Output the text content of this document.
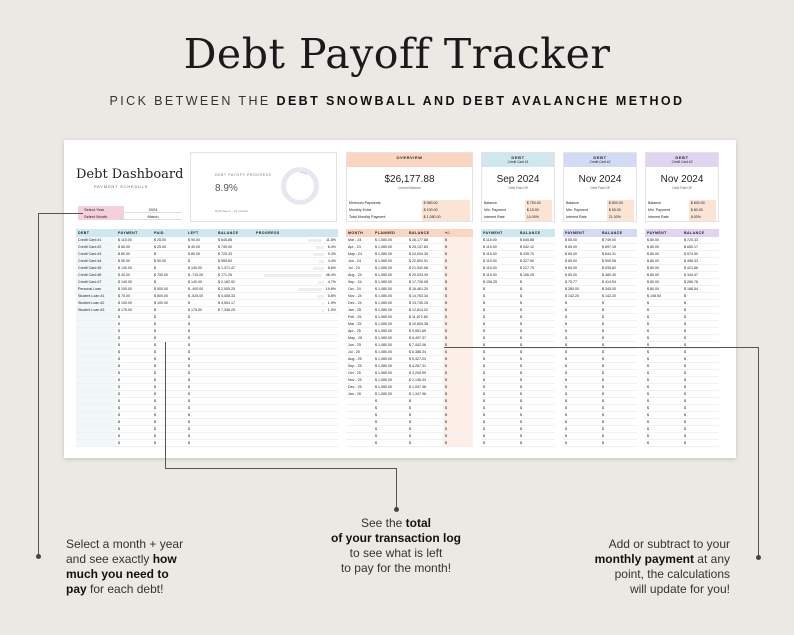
Debt Payoff Tracker
PICK BETWEEN THE DEBT SNOWBALL AND DEBT AVALANCHE METHOD
Debt Dashboard
PAYMENT SCHEDULE
Select Year	2024
Select Month	March
DEBT PAYOFF PROGRESS
8.9%
Debt free in ~ 22 months
OVERVIEW
$26,177.88
Current Balance
Minimum Payments	$ 980.00
Monthly Extra	$ 100.00
Total Monthly Payment	$ 1,080.00
DEBT
Credit Card #1
Sep 2024
Debt Paid Off
Balance	$ 750.00
Min. Payment	$ 15.00
Interest Rate	14.00%
DEBT
Credit Card #2
Nov 2024
Debt Paid Off
Balance	$ 800.00
Min. Payment	$ 65.00
Interest Rate	21.00%
DEBT
Credit Card #3
Nov 2024
Debt Paid Off
Balance	$ 800.00
Min. Payment	$ 80.00
Interest Rate	8.00%
DEBT	PAYMENT	PAID	LEFT	BALANCE	PROGRESS
Credit Card #1	$ 115.00	$ 25.00	$ 90.00	$ 645.88	11.8%
Credit Card #2	$ 65.00	$ 25.00	$ 40.00	$ 749.00	6.4%
Credit Card #3	$ 80.00	$	$ 80.00	$ 725.33	9.3%
Credit Card #4	$ 50.00	$ 50.00	$	$ 955.83	4.4%
Credit Card #5	$ 140.00	$	$ 140.00	$ 1,371.47	8.6%
Credit Card #6	$ 40.00	$ 750.00	$ -710.00	$ 771.25	48.4%
Credit Card #7	$ 140.00	$	$ 140.00	$ 2,182.92	4.7%
Personal Loan	$ 100.00	$ 500.00	$ -400.00	$ 2,005.25	19.8%
Student Loan #1	$ 75.00	$ 600.00	$ -525.00	$ 4,408.33	5.8%
Student Loan #2	$ 100.00	$ 100.00	$	$ 4,504.17	1.9%
Student Loan #3	$ 175.00	$	$ 175.00	$ 7,336.25	1.9%
	$	$	$		
	$	$	$		
	$	$	$		
	$	$	$		
	$	$	$		
	$	$	$		
	$	$	$		
	$	$	$		
	$	$	$		
	$	$	$		
	$	$	$		
	$	$	$		
	$	$	$		
	$	$	$		
	$	$	$		
	$	$	$		
	$	$	$		
	$	$	$		
	$	$	$		
MONTH	PLANNED	BALANCE	+/-
Mar - 24	$ 1,080.00	$ 26,177.88	$
Apr - 24	$ 1,080.00	$ 25,137.83	$
May - 24	$ 1,080.00	$ 24,004.35	$
Jun - 24	$ 1,080.00	$ 22,802.51	$
Jul - 24	$ 1,080.00	$ 21,542.66	$
Aug - 24	$ 1,080.00	$ 20,033.39	$
Sep - 24	$ 1,080.00	$ 17,726.08	$
Oct - 24	$ 1,080.00	$ 16,461.20	$
Nov - 24	$ 1,080.00	$ 14,763.34	$
Dec - 24	$ 1,080.00	$ 13,730.25	$
Jan - 25	$ 1,080.00	$ 12,814.02	$
Feb - 25	$ 1,080.00	$ 11,872.80	$
Mar - 25	$ 1,080.00	$ 10,603.38	$
Apr - 25	$ 1,080.00	$ 9,551.69	$
May - 25	$ 1,080.00	$ 8,497.37	$
Jun - 25	$ 1,080.00	$ 7,442.06	$
Jul - 25	$ 1,080.00	$ 6,386.34	$
Aug - 25	$ 1,080.00	$ 5,327.23	$
Sep - 25	$ 1,080.00	$ 4,267.31	$
Oct - 25	$ 1,080.00	$ 3,205.99	$
Nov - 25	$ 1,080.00	$ 2,136.43	$
Dec - 25	$ 1,080.00	$ 1,057.36	$
Jan - 26	$ 1,080.00	$ 1,347.96	$
	$	$	$
	$	$	$
	$	$	$
	$	$	$
	$	$	$
	$	$	$
	$	$	$
PAYMENT	BALANCE
$ 115.00	$ 645.88
$ 115.00	$ 542.12
$ 115.00	$ 435.70
$ 115.00	$ 327.60
$ 115.00	$ 217.79
$ 115.00	$ 106.25
$ 106.25	$
$	$
$	$
$	$
$	$
$	$
$	$
$	$
$	$
$	$
$	$
$	$
$	$
$	$
$	$
$	$
$	$
$	$
$	$
$	$
$	$
$	$
$	$
$	$
PAYMENT	BALANCE
$ 65.00	$ 749.00
$ 65.00	$ 697.15
$ 65.00	$ 644.31
$ 65.00	$ 590.08
$ 65.00	$ 535.82
$ 65.00	$ 480.30
$ 75.77	$ 414.94
$ 280.00	$ 345.00
$ 142.20	$ 142.20
$	$
$	$
$	$
$	$
$	$
$	$
$	$
$	$
$	$
$	$
$	$
$	$
$	$
$	$
$	$
$	$
$	$
$	$
$	$
$	$
$	$
PAYMENT	BALANCE
$ 80.00	$ 725.33
$ 80.00	$ 650.17
$ 80.00	$ 574.50
$ 80.00	$ 498.33
$ 80.00	$ 421.66
$ 80.00	$ 344.47
$ 80.00	$ 266.76
$ 80.00	$ 188.54
$ 108.54	$
$	$
$	$
$	$
$	$
$	$
$	$
$	$
$	$
$	$
$	$
$	$
$	$
$	$
$	$
$	$
$	$
$	$
$	$
$	$
$	$
$	$
Select a month + year
and see exactly how
much you need to
pay for each debt!
See the total
of your transaction log
to see what is left
to pay for the month!
Add or subtract to your
monthly payment at any
point, the calculations
will update for you!
